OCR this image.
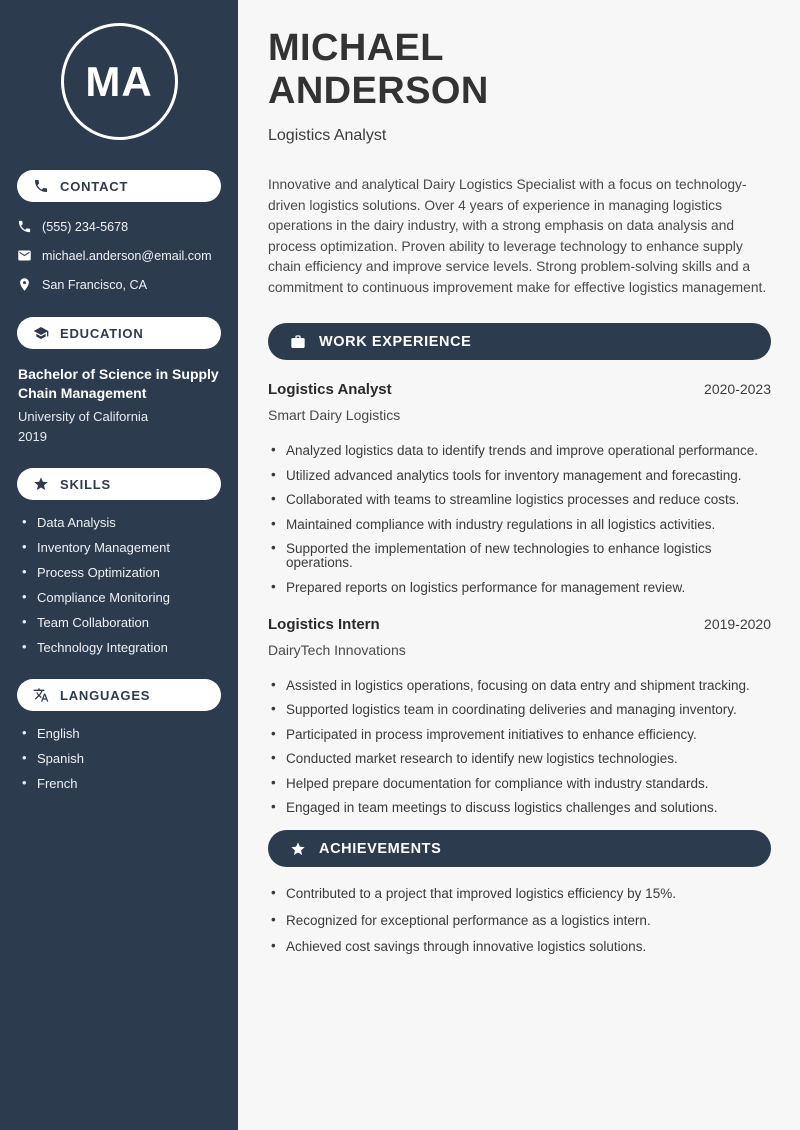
MA
CONTACT
(555) 234-5678
michael.anderson@email.com
San Francisco, CA
EDUCATION
Bachelor of Science in Supply Chain Management
University of California
2019
SKILLS
• Data Analysis
• Inventory Management
• Process Optimization
• Compliance Monitoring
• Team Collaboration
• Technology Integration
LANGUAGES
• English
• Spanish
• French
MICHAEL
ANDERSON
Logistics Analyst

Innovative and analytical Dairy Logistics Specialist with a focus on technology-driven logistics solutions. Over 4 years of experience in managing logistics operations in the dairy industry, with a strong emphasis on data analysis and process optimization. Proven ability to leverage technology to enhance supply chain efficiency and improve service levels. Strong problem-solving skills and a commitment to continuous improvement make for effective logistics management.

WORK EXPERIENCE
Logistics Analyst	2020-2023
Smart Dairy Logistics
• Analyzed logistics data to identify trends and improve operational performance.
• Utilized advanced analytics tools for inventory management and forecasting.
• Collaborated with teams to streamline logistics processes and reduce costs.
• Maintained compliance with industry regulations in all logistics activities.
• Supported the implementation of new technologies to enhance logistics operations.
• Prepared reports on logistics performance for management review.
Logistics Intern	2019-2020
DairyTech Innovations
• Assisted in logistics operations, focusing on data entry and shipment tracking.
• Supported logistics team in coordinating deliveries and managing inventory.
• Participated in process improvement initiatives to enhance efficiency.
• Conducted market research to identify new logistics technologies.
• Helped prepare documentation for compliance with industry standards.
• Engaged in team meetings to discuss logistics challenges and solutions.
ACHIEVEMENTS
• Contributed to a project that improved logistics efficiency by 15%.
• Recognized for exceptional performance as a logistics intern.
• Achieved cost savings through innovative logistics solutions.
